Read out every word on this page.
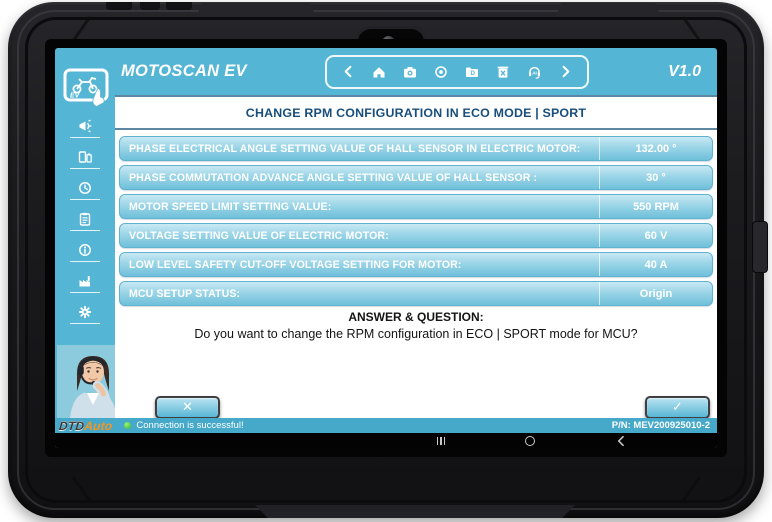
MOTOSCAN EV	D	AI	V1.0
EV
CHANGE RPM CONFIGURATION IN ECO MODE | SPORT
PHASE ELECTRICAL ANGLE SETTING VALUE OF HALL SENSOR IN ELECTRIC MOTOR:	132.00 °
PHASE COMMUTATION ADVANCE ANGLE SETTING VALUE OF HALL SENSOR :	30 °
MOTOR SPEED LIMIT SETTING VALUE:	550 RPM
VOLTAGE SETTING VALUE OF ELECTRIC MOTOR:	60 V
LOW LEVEL SAFETY CUT-OFF VOLTAGE SETTING FOR MOTOR:	40 A
MCU SETUP STATUS:	Origin
ANSWER & QUESTION:
Do you want to change the RPM configuration in ECO | SPORT mode for MCU?
✕	✓
DTDAuto Connection is successful!	P/N: MEV200925010-2
